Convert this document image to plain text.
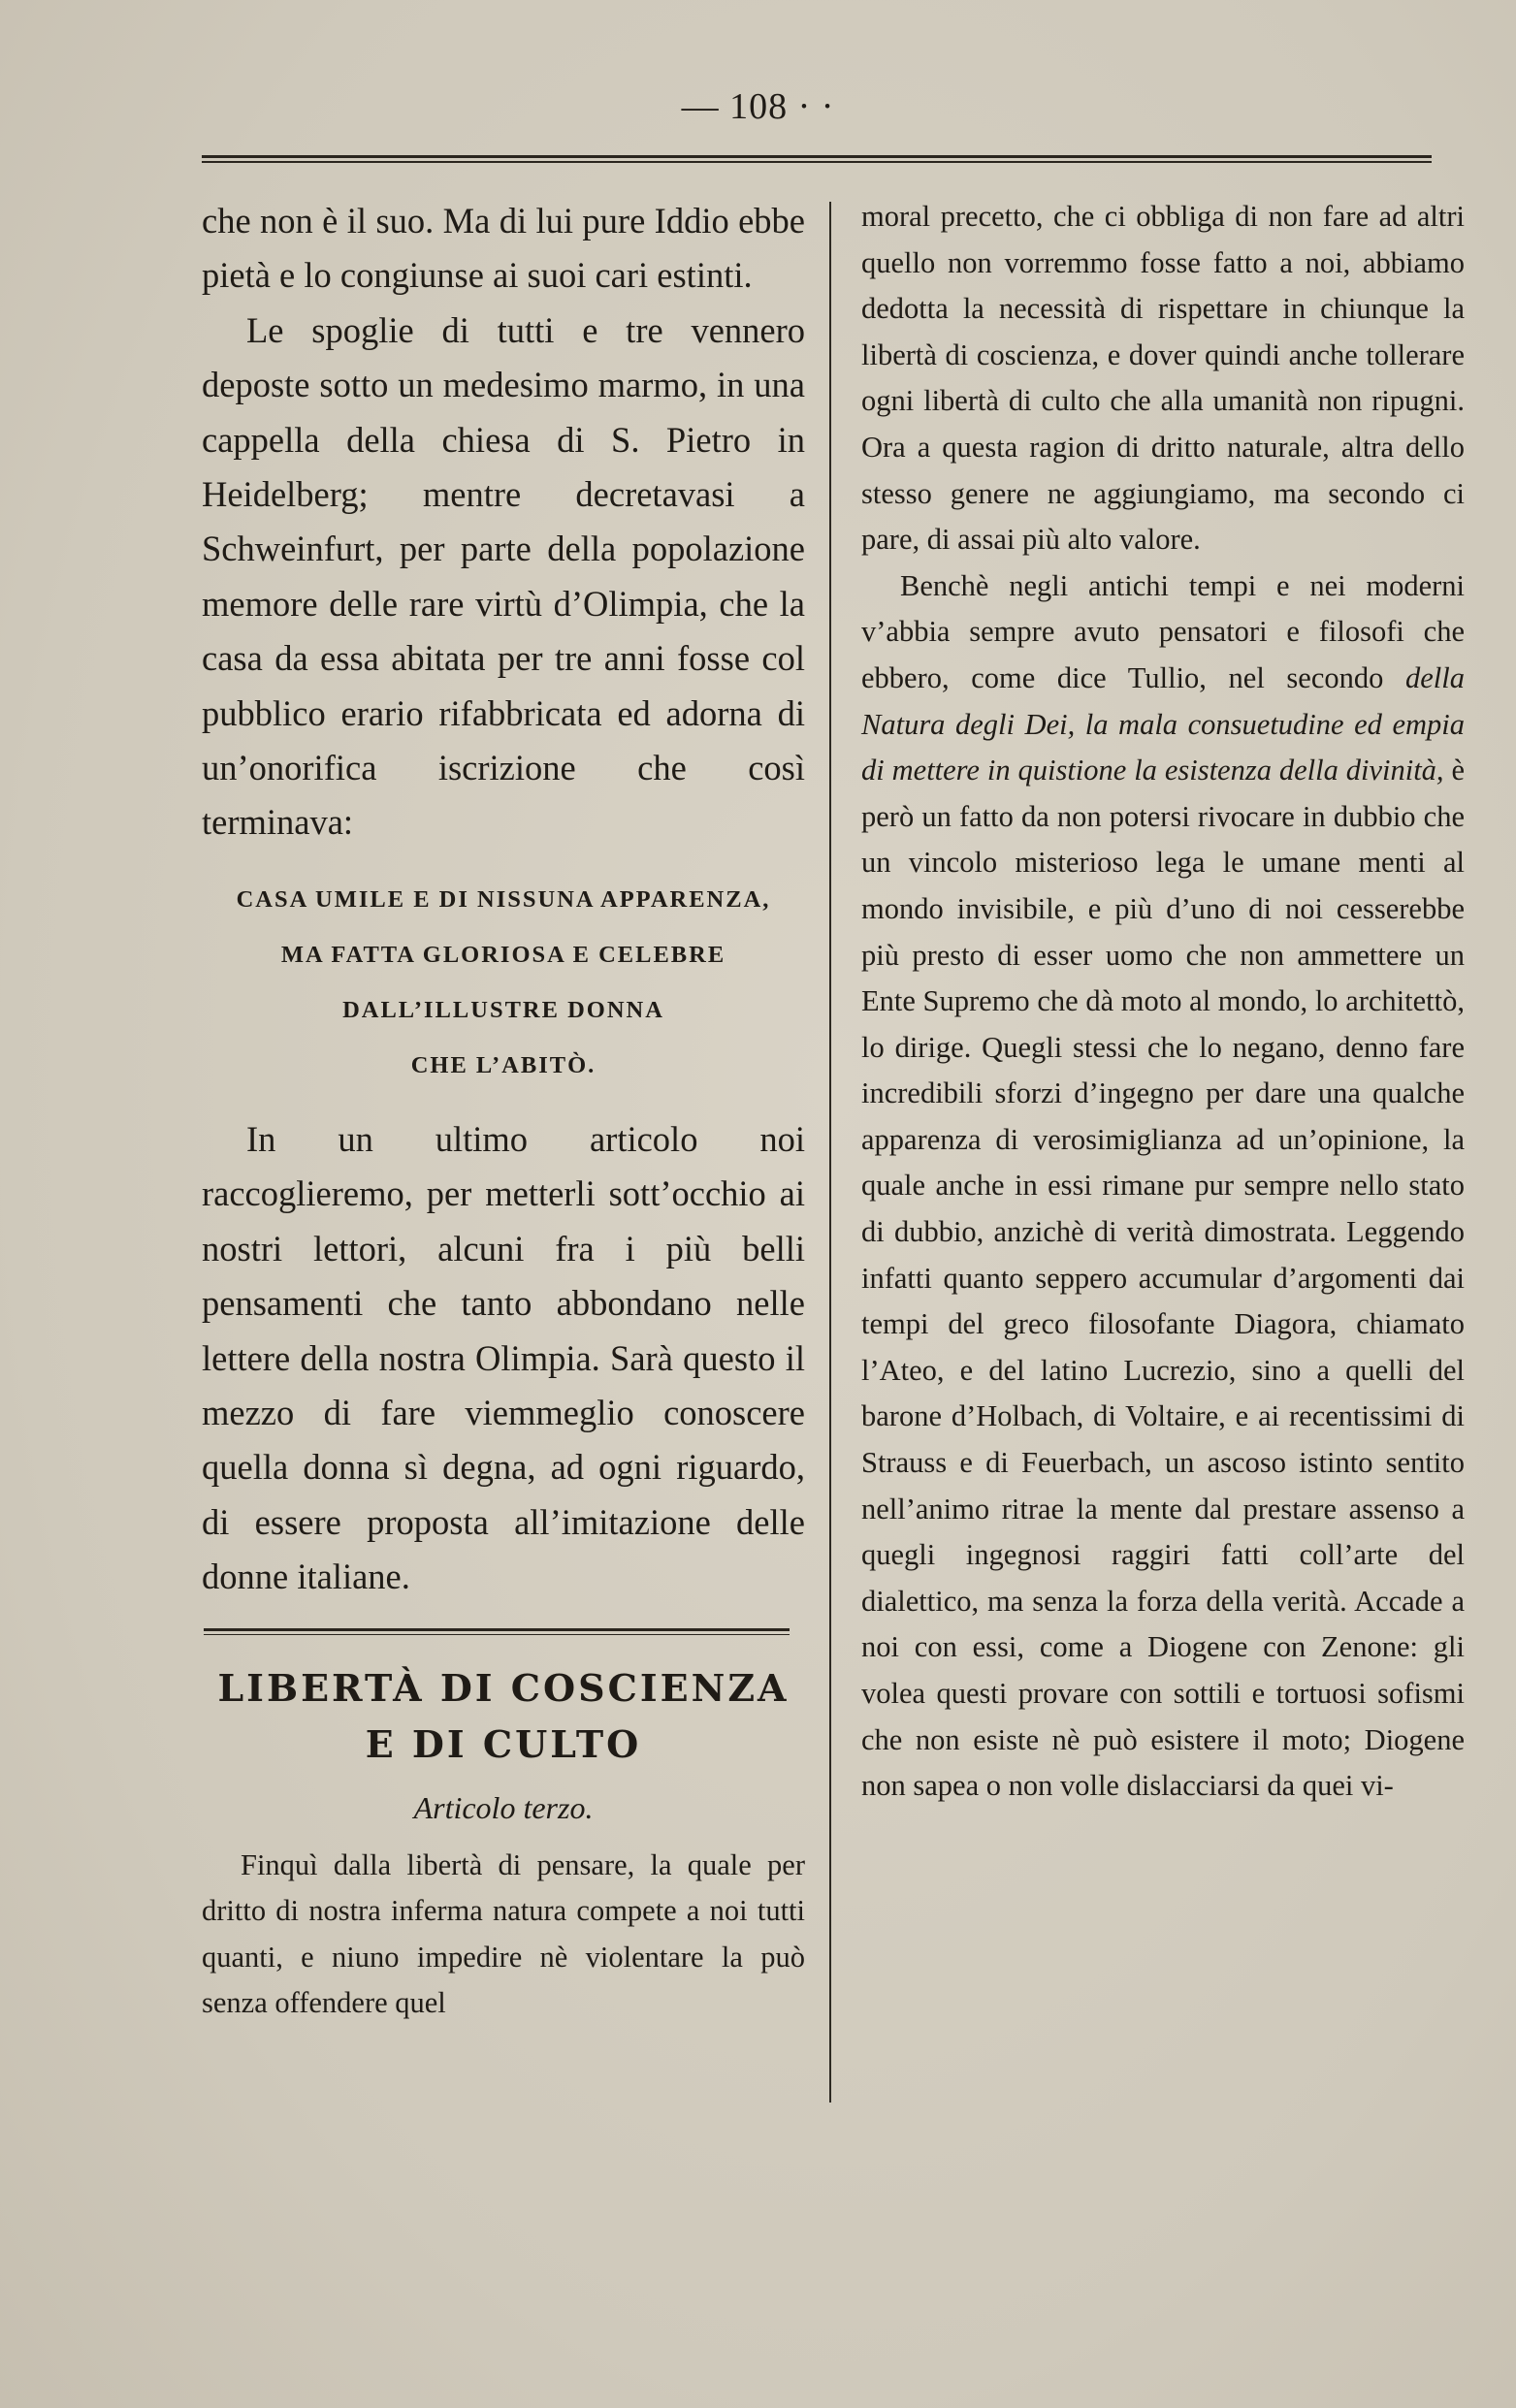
— 108 · ·

che non è il suo. Ma di lui pure Iddio ebbe pietà e lo congiunse ai suoi cari estinti.

Le spoglie di tutti e tre vennero deposte sotto un medesimo marmo, in una cappella della chiesa di S. Pietro in Heidelberg; mentre decretavasi a Schweinfurt, per parte della popolazione memore delle rare virtù d’Olimpia, che la casa da essa abitata per tre anni fosse col pubblico erario rifabbricata ed adorna di un’onorifica iscrizione che così terminava:

CASA UMILE E DI NISSUNA APPARENZA,
MA FATTA GLORIOSA E CELEBRE
DALL’ILLUSTRE DONNA
CHE L’ABITÒ.

In un ultimo articolo noi raccoglieremo, per metterli sott’occhio ai nostri lettori, alcuni fra i più belli pensamenti che tanto abbondano nelle lettere della nostra Olimpia. Sarà questo il mezzo di fare viemmeglio conoscere quella donna sì degna, ad ogni riguardo, di essere proposta all’imitazione delle donne italiane.

LIBERTÀ DI COSCIENZA
E DI CULTO

Articolo terzo.

Finquì dalla libertà di pensare, la quale per dritto di nostra inferma natura compete a noi tutti quanti, e niuno impedire nè violentare la può senza offendere quel

moral precetto, che ci obbliga di non fare ad altri quello non vorremmo fosse fatto a noi, abbiamo dedotta la necessità di rispettare in chiunque la libertà di coscienza, e dover quindi anche tollerare ogni libertà di culto che alla umanità non ripugni. Ora a questa ragion di dritto naturale, altra dello stesso genere ne aggiungiamo, ma secondo ci pare, di assai più alto valore.

Benchè negli antichi tempi e nei moderni v’abbia sempre avuto pensatori e filosofi che ebbero, come dice Tullio, nel secondo della Natura degli Dei, la mala consuetudine ed empia di mettere in quistione la esistenza della divinità, è però un fatto da non potersi rivocare in dubbio che un vincolo misterioso lega le umane menti al mondo invisibile, e più d’uno di noi cesserebbe più presto di esser uomo che non ammettere un Ente Supremo che dà moto al mondo, lo architettò, lo dirige. Quegli stessi che lo negano, denno fare incredibili sforzi d’ingegno per dare una qualche apparenza di verosimiglianza ad un’opinione, la quale anche in essi rimane pur sempre nello stato di dubbio, anzichè di verità dimostrata. Leggendo infatti quanto seppero accumular d’argomenti dai tempi del greco filosofante Diagora, chiamato l’Ateo, e del latino Lucrezio, sino a quelli del barone d’Holbach, di Voltaire, e ai recentissimi di Strauss e di Feuerbach, un ascoso istinto sentito nell’animo ritrae la mente dal prestare assenso a quegli ingegnosi raggiri fatti coll’arte del dialettico, ma senza la forza della verità. Accade a noi con essi, come a Diogene con Zenone: gli volea questi provare con sottili e tortuosi sofismi che non esiste nè può esistere il moto; Diogene non sapea o non volle dislacciarsi da quei vi-
